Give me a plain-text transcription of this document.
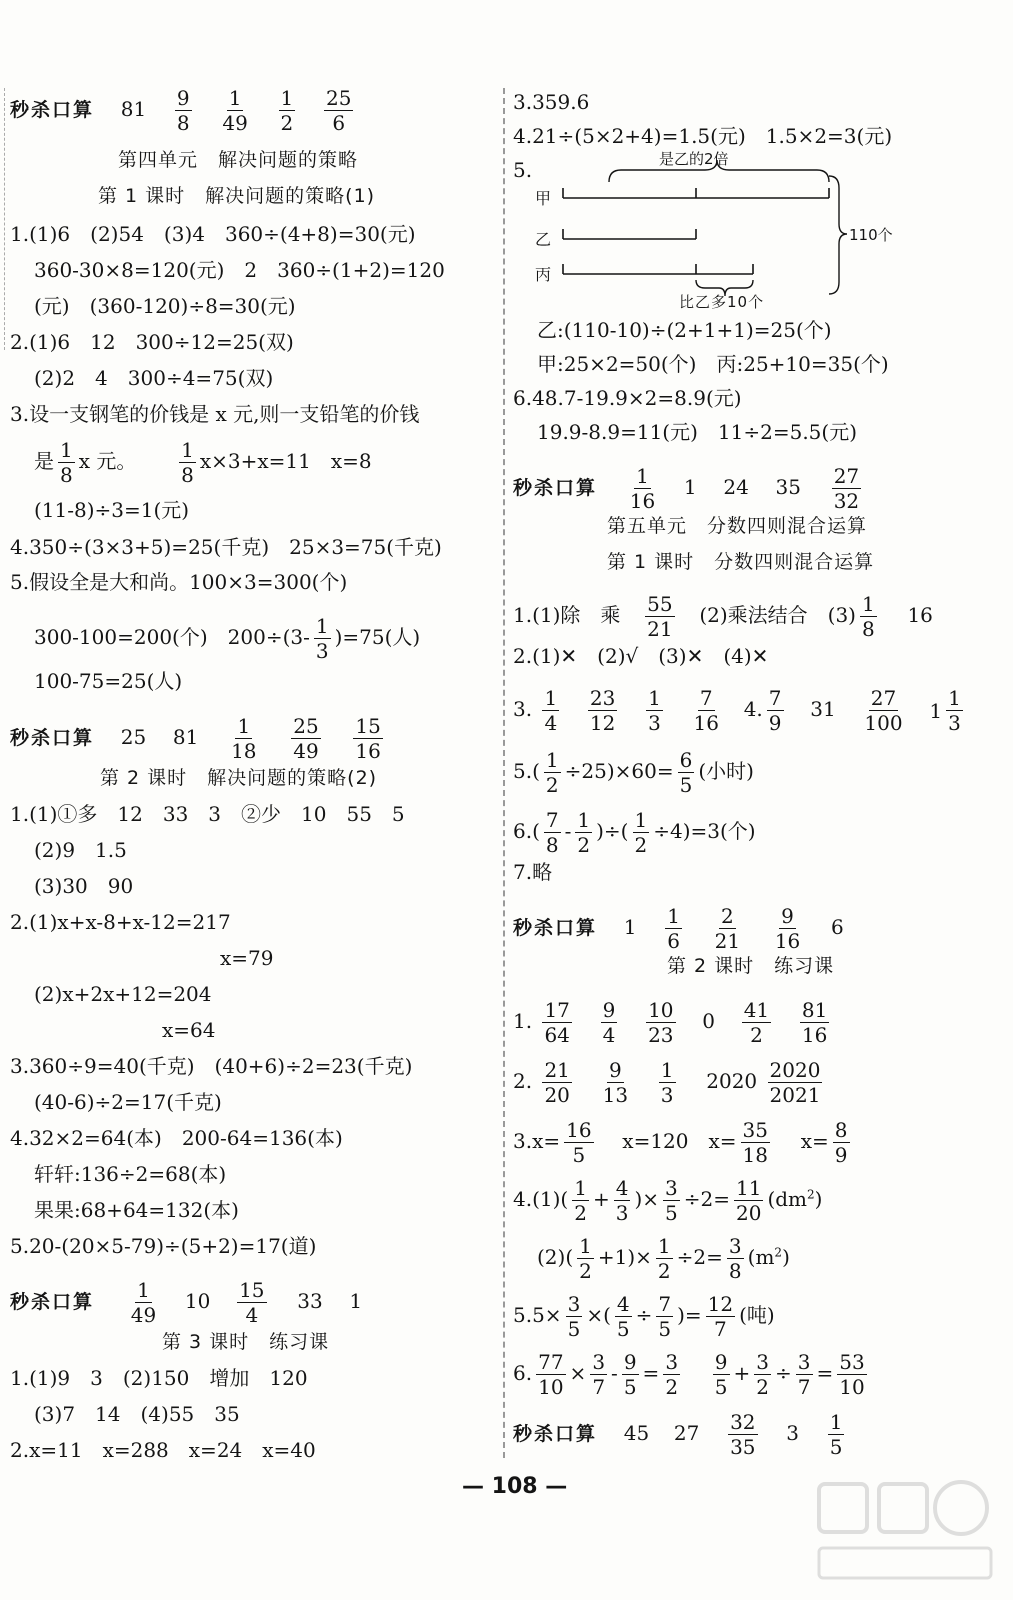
秒杀口算 $81 \frac{9}{8}$
$\frac{1}{49}$
$\frac{1}{2}$
$\frac{25}{6}$
第四单元　解决问题的策略
第 1 课时　解决问题的策略(1)
1.(1)6　(2)54　(3)4　360÷(4+8)=30(元)
360-30×8=120(元)　2　360÷(1+2)=120
(元)　(360-120)÷8=30(元)
2.(1)6　12　300÷12=25(双)
(2)2　4　300÷4=75(双)
3.设一支钢笔的价钱是 x 元,则一支铅笔的价钱
是 $\frac{1}{8}$ x 元。 $\frac{1}{8} x\times 3+x=11$　x=8
(11-8)÷3=1(元)
4.350÷(3×3+5)=25(千克)　25×3=75(千克)
5.假设全是大和尚。100×3=300(个)
300-100=200(个)　$200\div(3- \frac{1}{3} )=75$(人)
100-75=25(人)
秒杀口算 25 $81 \frac{1}{18}$
$\frac{25}{49}$
$\frac{15}{16}$
第 2 课时　解决问题的策略(2)
1.(1)①多　12　33　3　②少　10　55　5
(2)9　1.5
(3)30　90
2.(1)x+x-8+x-12=217
x=79
(2)x+2x+12=204
x=64
3.360÷9=40(千克)　(40+6)÷2=23(千克)
(40-6)÷2=17(千克)
4.32×2=64(本)　200-64=136(本)
轩轩:136÷2=68(本)
果果:68+64=132(本)
5.20-(20×5-79)÷(5+2)=17(道)
秒杀口算 $\frac{1}{49} 10 \frac{15}{4} 33$ 1
第 3 课时　练习课
1.(1)9　3　(2)150　增加　120
(3)7　14　(4)55　35
2.x=11　x=288　x=24　x=40
3.359.6
4.21÷(5×2+4)=1.5(元)　1.5×2=3(元)
5.	是乙的2倍
甲
乙
丙
110个
比乙多10个
乙:(110-10)÷(2+1+1)=25(个)
甲:25×2=50(个)　丙:25+10=35(个)
6.48.7-19.9×2=8.9(元)
19.9-8.9=11(元)　11÷2=5.5(元)
秒杀口算 $\frac{1}{16} 1$ 24 $35 \frac{27}{32}$
第五单元　分数四则混合运算
第 1 课时　分数四则混合运算
1.(1)除　乘 $\frac{55}{21} (2)$乘法结合　$(3) \frac{1}{8} 16$
2.(1)✕　(2)√　(3)✕　(4)✕
3. $\frac{1}{4}$
$\frac{23}{12}$
$\frac{1}{3}$
$\frac{7}{16} 4$. $\frac{7}{9} 31 \frac{27}{100}$
$1 \frac{1}{3}$
$5.( \frac{1}{2} \div 25)\times 60= \frac{6}{5}$ (小时)
$6.( \frac{7}{8} - \frac{1}{2}$ )÷( $\frac{1}{2} \div 4)=3$(个)
7.略
秒杀口算 $1 \frac{1}{6}$
$\frac{2}{21}$
$\frac{9}{16} 6$
第 2 课时　练习课
1. $\frac{17}{64}$
$\frac{9}{4}$
$\frac{10}{23} 0 \frac{41}{2}$
$\frac{81}{16}$
2. $\frac{21}{20}$
$\frac{9}{13}$
$\frac{1}{3} 2020 \frac{2020}{2021}$
$3.x= \frac{16}{5} x=120$　$x= \frac{35}{18} x= \frac{8}{9}$
$4.(1)( \frac{1}{2} + \frac{4}{3}$ )× $\frac{3}{5} \div 2= \frac{11}{20} (dm^2)$
$(2)( \frac{1}{2} +1)\times \frac{1}{2} \div 2= \frac{3}{8} (m^2)$
$5.5\times \frac{3}{5}$ ×( $\frac{4}{5} \div \frac{7}{5}$ )= $\frac{12}{7}$ (吨)
6. $\frac{77}{10} \times \frac{3}{7} - \frac{9}{5} = \frac{3}{2}$
$\frac{9}{5} + \frac{3}{2} \div \frac{3}{7} = \frac{53}{10}$
秒杀口算 45 $27 \frac{32}{35} 3 \frac{1}{5}$
— 108 —
